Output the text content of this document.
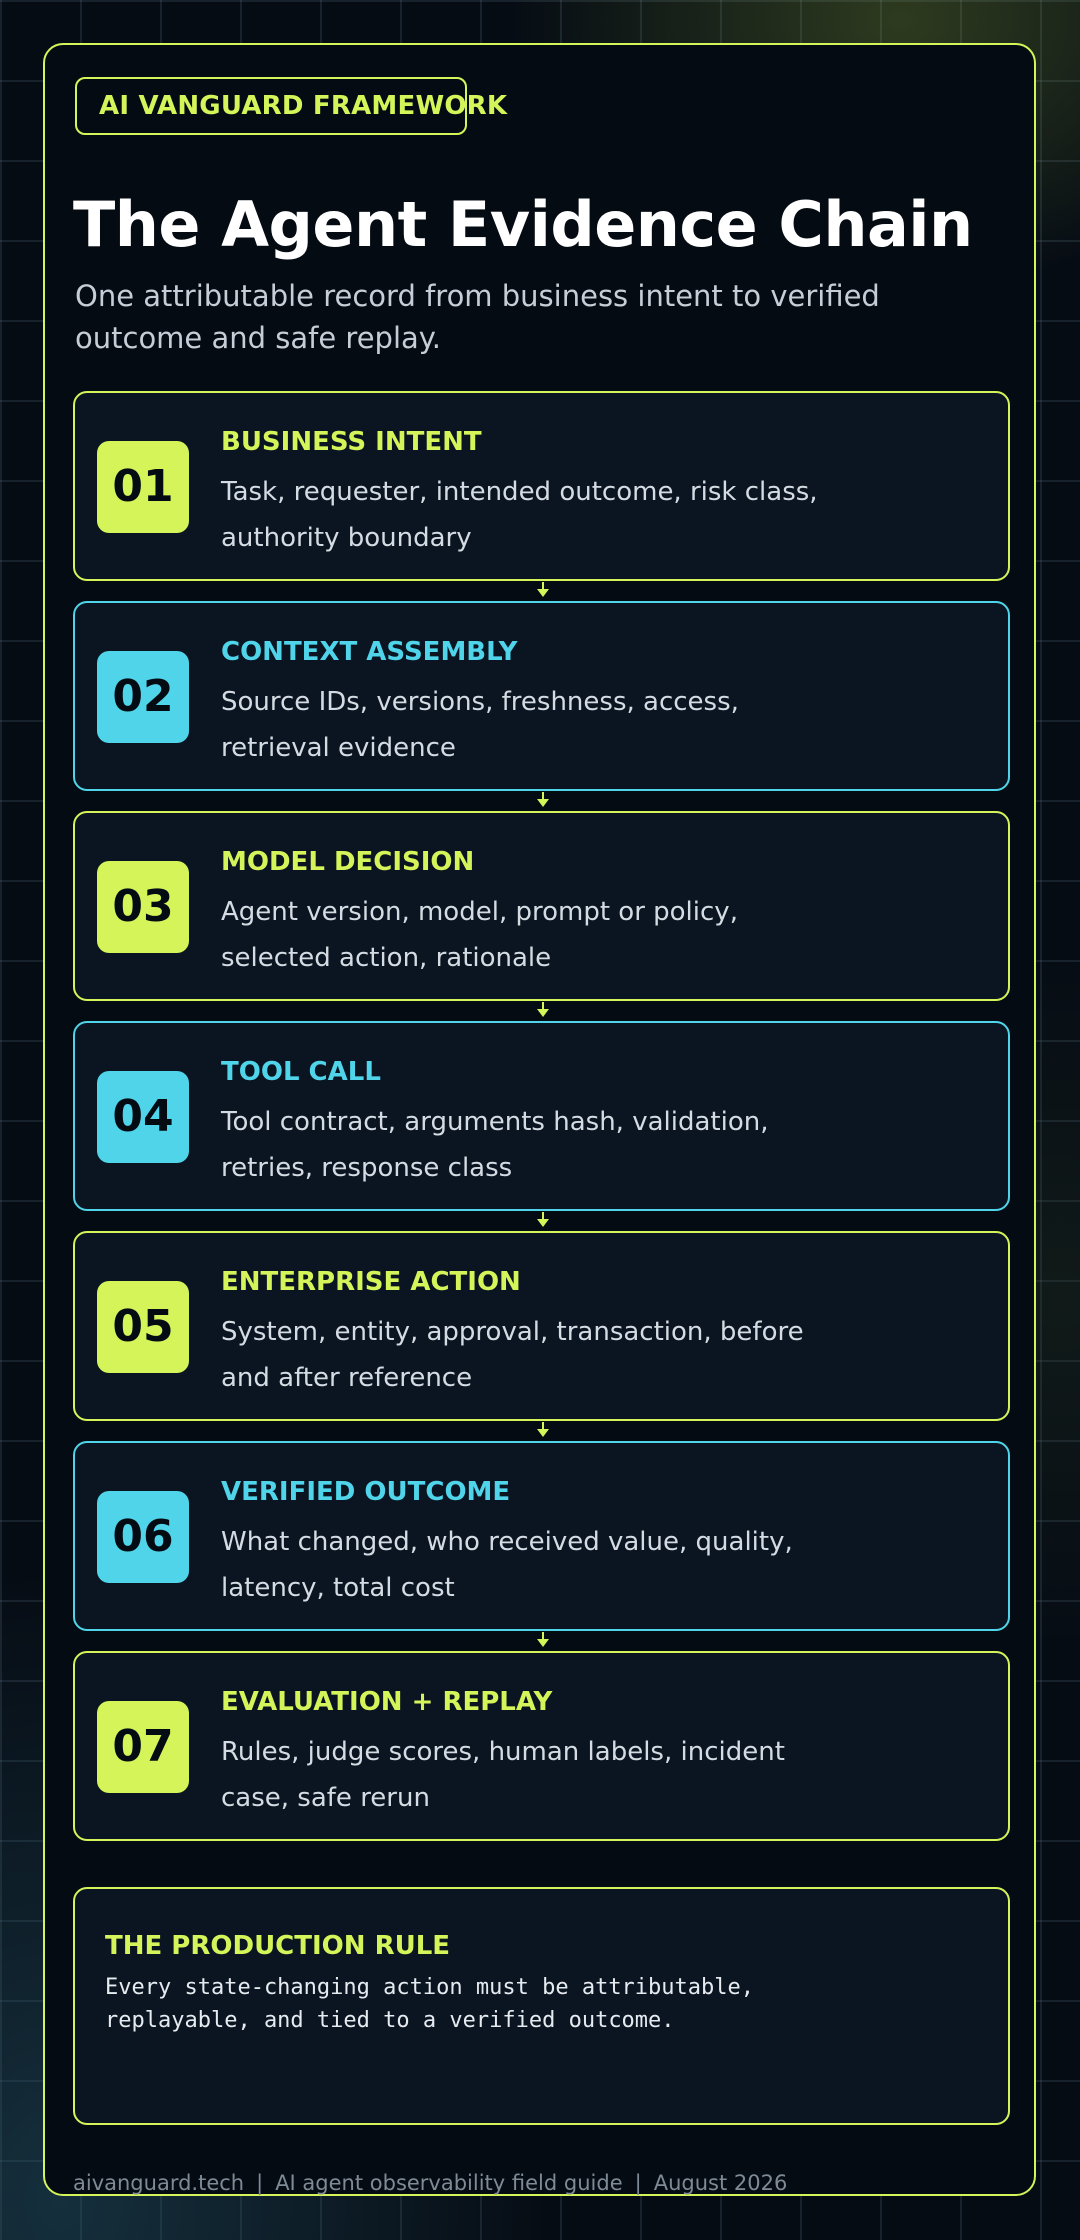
AI VANGUARD FRAMEWORK
The Agent Evidence Chain

One attributable record from business intent to verified outcome and safe replay.

01
BUSINESS INTENT
Task, requester, intended outcome, risk class, authority boundary
02
CONTEXT ASSEMBLY
Source IDs, versions, freshness, access, retrieval evidence
03
MODEL DECISION
Agent version, model, prompt or policy, selected action, rationale
04
TOOL CALL
Tool contract, arguments hash, validation, retries, response class
05
ENTERPRISE ACTION
System, entity, approval, transaction, before and after reference
06
VERIFIED OUTCOME
What changed, who received value, quality, latency, total cost
07
EVALUATION + REPLAY
Rules, judge scores, human labels, incident case, safe rerun
THE PRODUCTION RULE
Every state-changing action must be attributable, replayable, and tied to a verified outcome.
aivanguard.tech | AI agent observability field guide | August 2026
